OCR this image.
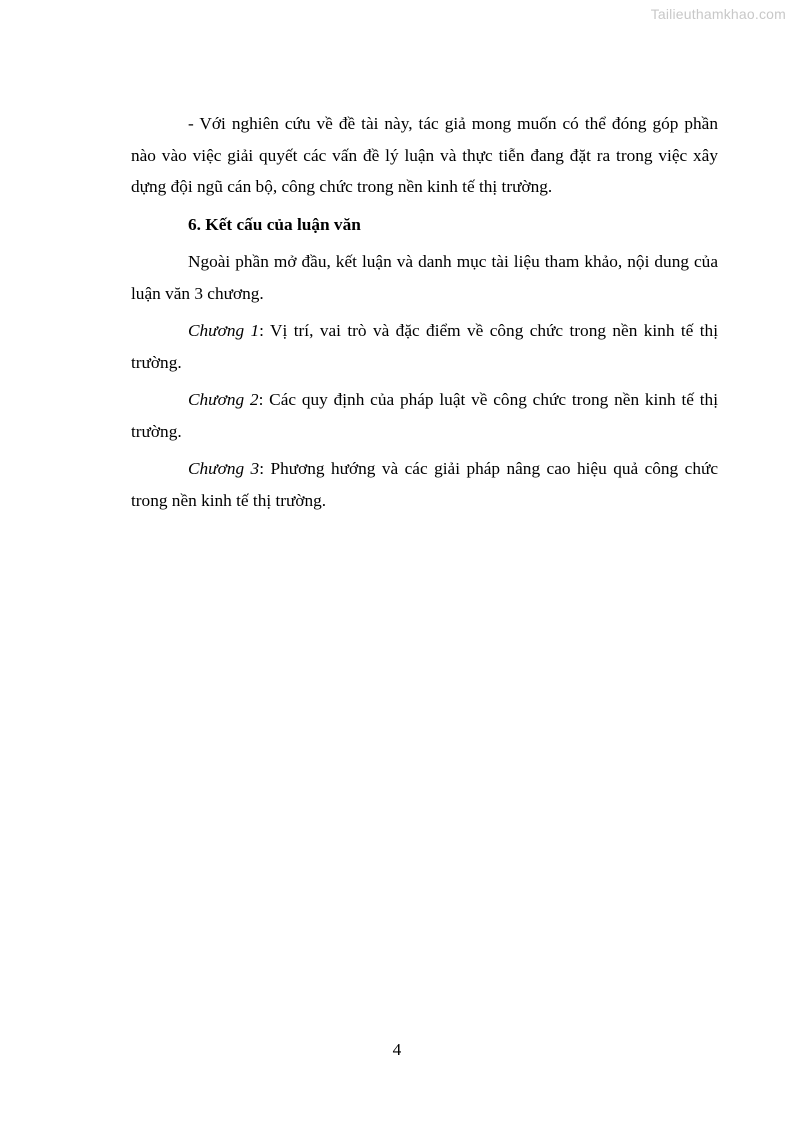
Tailieuthamkhao.com

- Với nghiên cứu về đề tài này, tác giả mong muốn có thể đóng góp phần nào vào việc giải quyết các vấn đề lý luận và thực tiễn đang đặt ra trong việc xây dựng đội ngũ cán bộ, công chức trong nền kinh tế thị trường.

6. Kết cấu của luận văn

Ngoài phần mở đầu, kết luận và danh mục tài liệu tham khảo, nội dung của luận văn 3 chương.

Chương 1: Vị trí, vai trò và đặc điểm về công chức trong nền kinh tế thị trường.

Chương 2: Các quy định của pháp luật về công chức trong nền kinh tế thị trường.

Chương 3: Phương hướng và các giải pháp nâng cao hiệu quả công chức trong nền kinh tế thị trường.

4
